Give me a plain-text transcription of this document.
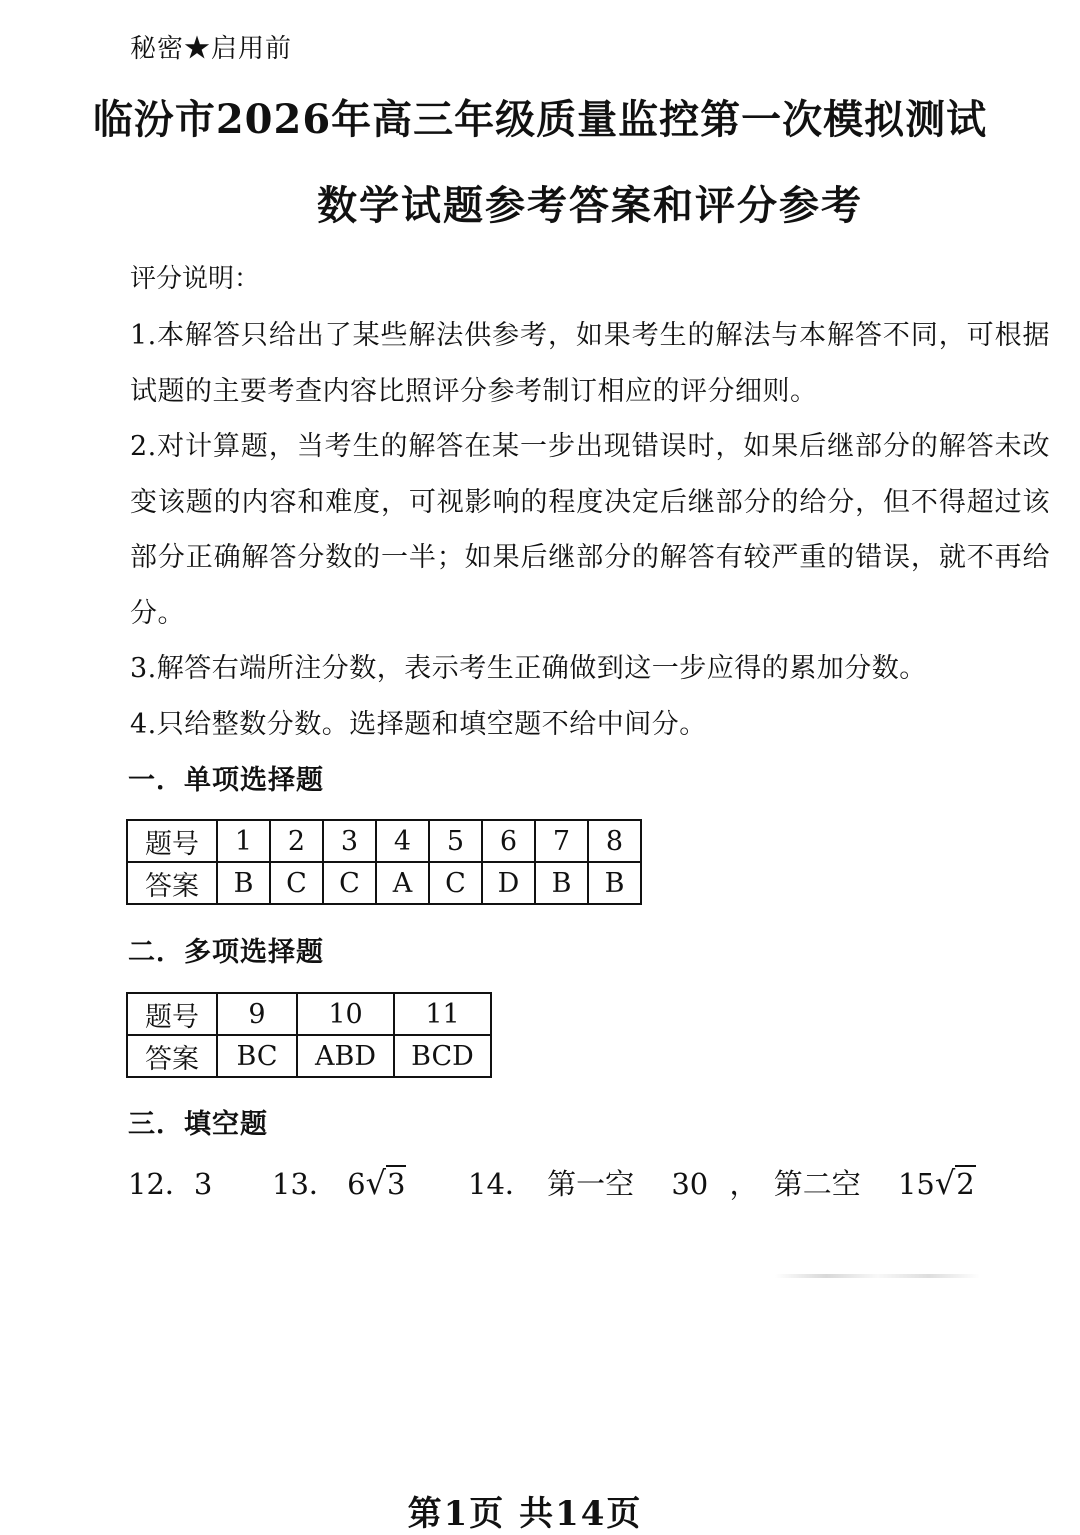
秘密★启用前
临汾市2026年高三年级质量监控第一次模拟测试
数学试题参考答案和评分参考
评分说明：

1.本解答只给出了某些解法供参考，如果考生的解法与本解答不同，可根据试题的主要考查内容比照评分参考制订相应的评分细则。

2.对计算题，当考生的解答在某一步出现错误时，如果后继部分的解答未改变该题的内容和难度，可视影响的程度决定后继部分的给分，但不得超过该部分正确解答分数的一半；如果后继部分的解答有较严重的错误，就不再给分。

3.解答右端所注分数，表示考生正确做到这一步应得的累加分数。

4.只给整数分数。选择题和填空题不给中间分。

一．单项选择题
题号	1	2	3	4	5	6	7	8
答案	B	C	C	A	C	D	B	B
二．多项选择题
题号	9	10	11
答案	BC	ABD	BCD
三．填空题
12．3 13． 6√3 14． 第一空 30 ， 第二空 15√2
第1页 共14页
